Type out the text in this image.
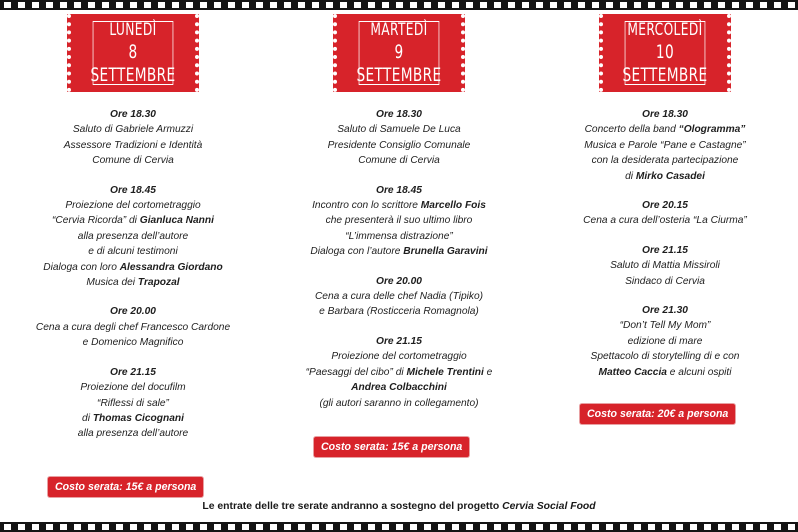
LUNEDÌ
8 SETTEMBRE

Ore 18.30

Saluto di Gabriele Armuzzi

Assessore Tradizioni e Identità

Comune di Cervia

Ore 18.45

Proiezione del cortometraggio

“Cervia Ricorda” di Gianluca Nanni

alla presenza dell’autore

e di alcuni testimoni

Dialoga con loro Alessandra Giordano

Musica dei Trapozal

Ore 20.00

Cena a cura degli chef Francesco Cardone

e Domenico Magnifico

Ore 21.15

Proiezione del docufilm

“Riflessi di sale”

di Thomas Cicognani

alla presenza dell’autore

MARTEDÌ
9 SETTEMBRE

Ore 18.30

Saluto di Samuele De Luca

Presidente Consiglio Comunale

Comune di Cervia

Ore 18.45

Incontro con lo scrittore Marcello Fois

che presenterà il suo ultimo libro

“L’immensa distrazione”

Dialoga con l’autore Brunella Garavini

Ore 20.00

Cena a cura delle chef Nadia (Tipiko)

e Barbara (Rosticceria Romagnola)

Ore 21.15

Proiezione del cortometraggio

“Paesaggi del cibo” di Michele Trentini e

Andrea Colbacchini

(gli autori saranno in collegamento)

MERCOLEDÌ
10 SETTEMBRE

Ore 18.30

Concerto della band “Ologramma”

Musica e Parole “Pane e Castagne”

con la desiderata partecipazione

di Mirko Casadei

Ore 20.15

Cena a cura dell’osteria “La Ciurma”

Ore 21.15

Saluto di Mattia Missiroli

Sindaco di Cervia

Ore 21.30

“Don’t Tell My Mom”

edizione di mare

Spettacolo di storytelling di e con

Matteo Caccia e alcuni ospiti

Costo serata: 15€ a persona
Costo serata: 15€ a persona
Costo serata: 20€ a persona
Le entrate delle tre serate andranno a sostegno del progetto Cervia Social Food
